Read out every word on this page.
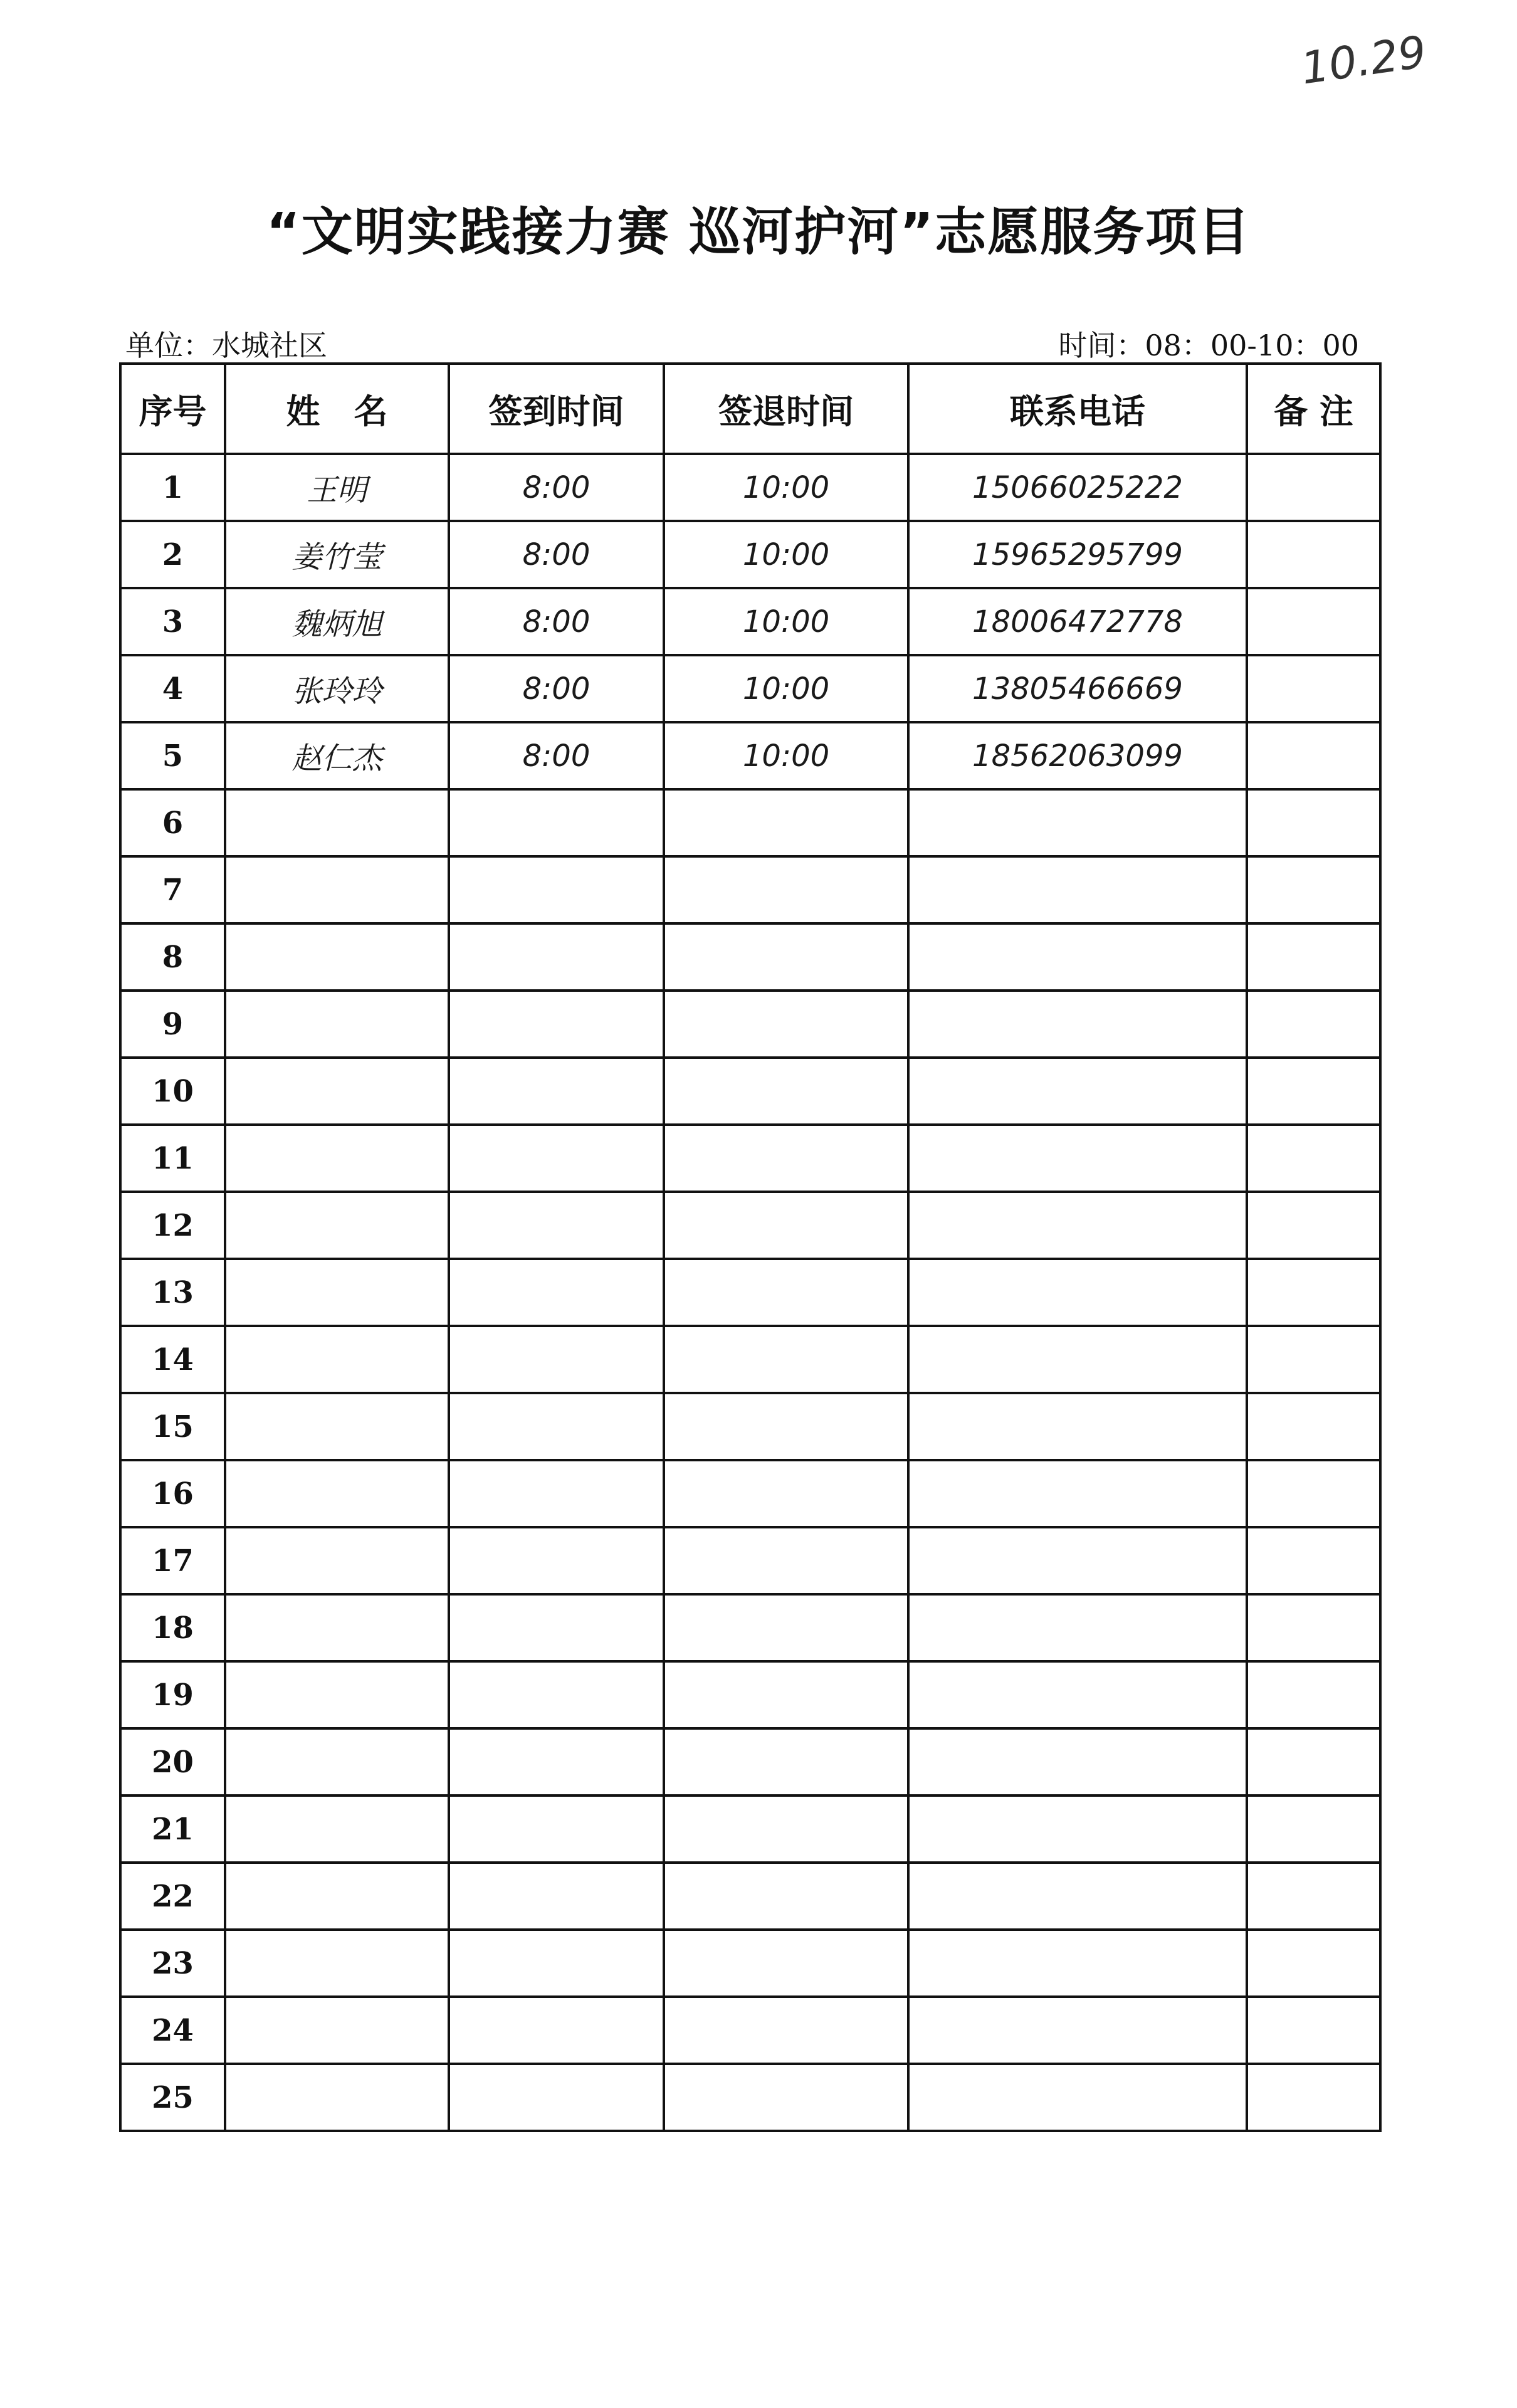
10.29
“文明实践接力赛 巡河护河”志愿服务项目
单位：水城社区	时间：08：00-10：00
序号	姓　名	签到时间	签退时间	联系电话	备 注
1	王明	8:00	10:00	15066025222	
2	姜竹莹	8:00	10:00	15965295799	
3	魏炳旭	8:00	10:00	18006472778	
4	张玲玲	8:00	10:00	13805466669	
5	赵仁杰	8:00	10:00	18562063099	
6					
7					
8					
9					
10					
11					
12					
13					
14					
15					
16					
17					
18					
19					
20					
21					
22					
23					
24					
25					
